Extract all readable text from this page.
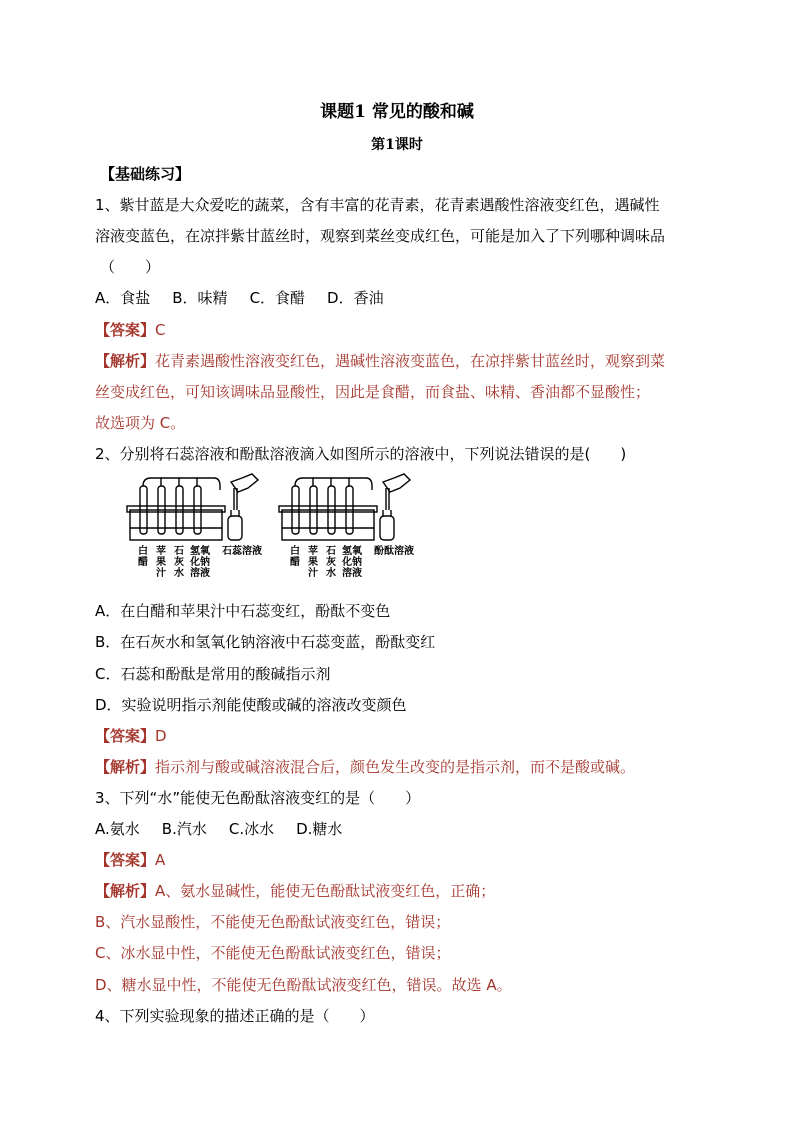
课题1 常见的酸和碱
第1课时
【基础练习】
1、紫甘蓝是大众爱吃的蔬菜，含有丰富的花青素，花青素遇酸性溶液变红色，遇碱性
溶液变蓝色，在凉拌紫甘蓝丝时，观察到菜丝变成红色，可能是加入了下列哪种调味品
（　　）
A．食盐 B．味精 C．食醋 D．香油
【答案】C
【解析】花青素遇酸性溶液变红色，遇碱性溶液变蓝色，在凉拌紫甘蓝丝时，观察到菜
丝变成红色，可知该调味品显酸性，因此是食醋，而食盐、味精、香油都不显酸性；
故选项为 C。
2、分别将石蕊溶液和酚酞溶液滴入如图所示的溶液中，下列说法错误的是(　　)
白
醋
苹
果
汁
石
灰
水
氢氧
化钠
溶液
石蕊溶液	白
醋
苹
果
汁
石
灰
水
氢氧
化钠
溶液
酚酞溶液
A．在白醋和苹果汁中石蕊变红，酚酞不变色
B．在石灰水和氢氧化钠溶液中石蕊变蓝，酚酞变红
C．石蕊和酚酞是常用的酸碱指示剂
D．实验说明指示剂能使酸或碱的溶液改变颜色
【答案】D
【解析】指示剂与酸或碱溶液混合后，颜色发生改变的是指示剂，而不是酸或碱。
3、下列“水”能使无色酚酞溶液变红的是（　　）
A.氨水 B.汽水 C.冰水 D.糖水
【答案】A
【解析】A、氨水显碱性，能使无色酚酞试液变红色，正确；
B、汽水显酸性，不能使无色酚酞试液变红色，错误；
C、冰水显中性，不能使无色酚酞试液变红色，错误；
D、糖水显中性，不能使无色酚酞试液变红色，错误。故选 A。
4、下列实验现象的描述正确的是（　　）
